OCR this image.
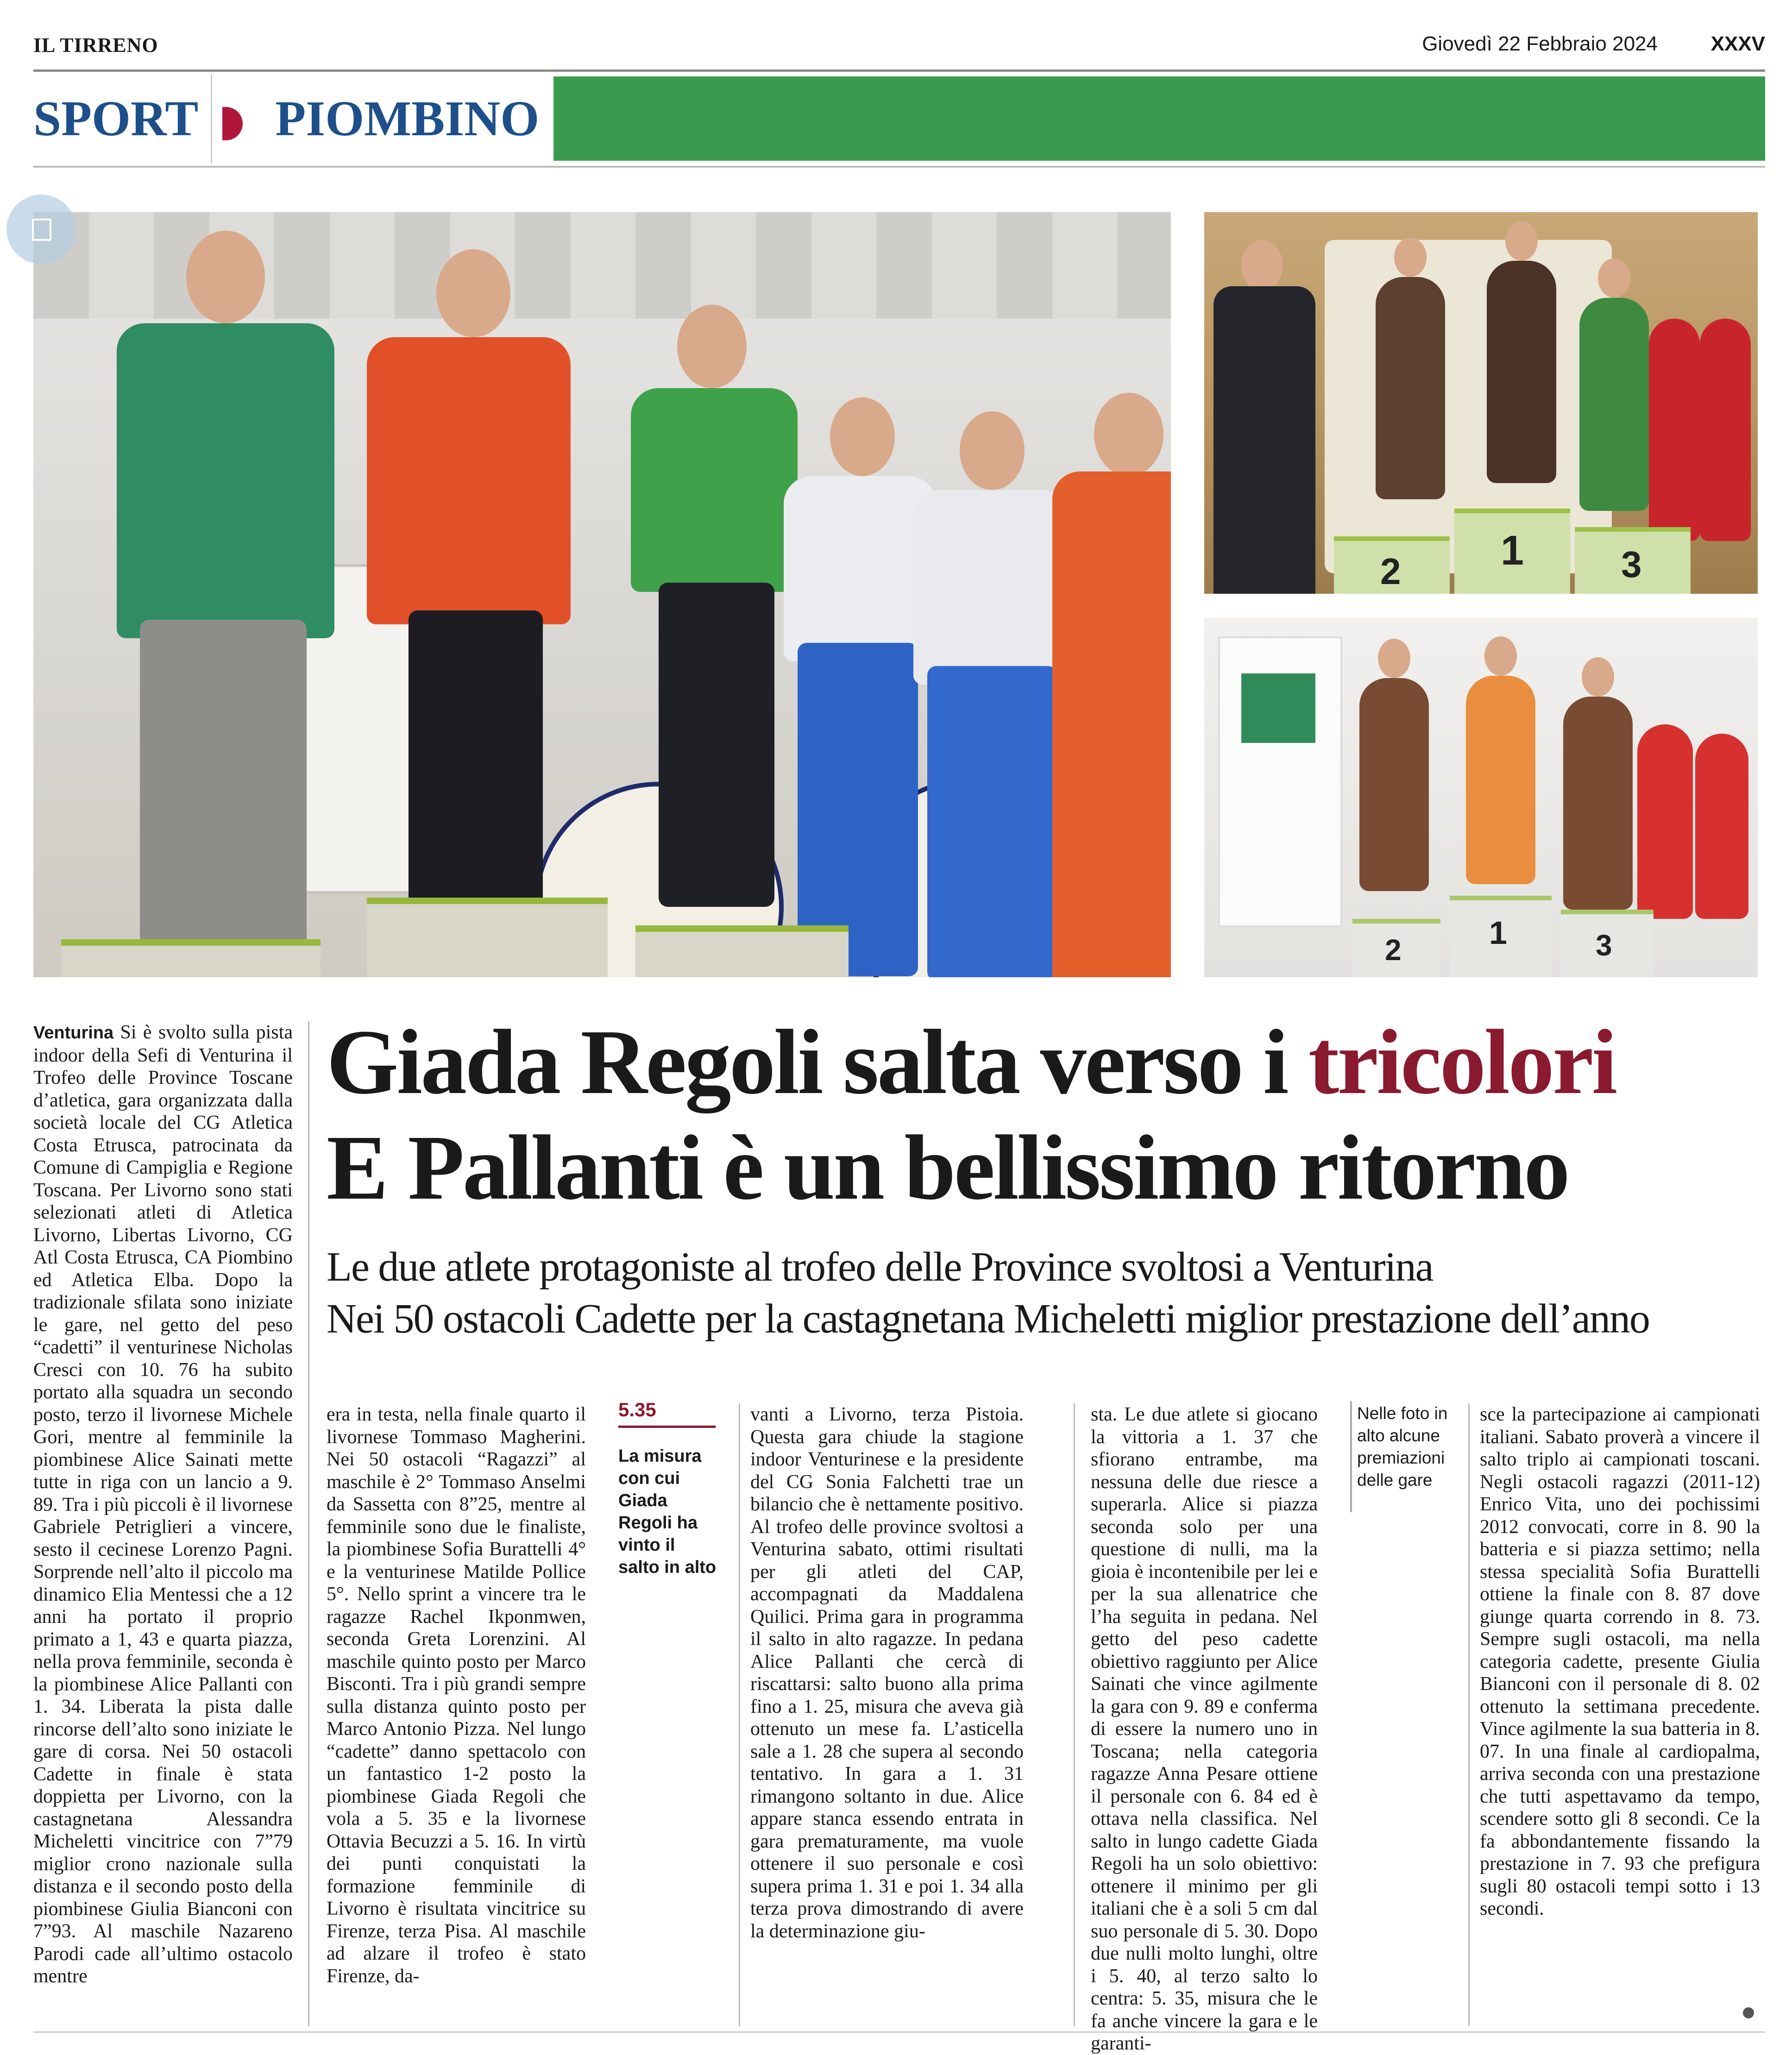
IL TIRRENO	Giovedì 22 Febbraio 2024	XXXV
SPORT PIOMBINO
2 1	3
2	1	3
Giada Regoli salta verso i tricolori
E Pallanti è un bellissimo ritorno
Le due atlete protagoniste al trofeo delle Province svoltosi a Venturina
Nei 50 ostacoli Cadette per la castagnetana Micheletti miglior prestazione dell’anno
Venturina Si è svolto sulla pista indoor della Sefi di Venturina il Trofeo delle Province Toscane d’atletica, gara organizzata dalla società locale del CG Atletica Costa Etrusca, patrocinata da Comune di Campiglia e Regione Toscana. Per Livorno sono stati selezionati atleti di Atletica Livorno, Libertas Livorno, CG Atl Costa Etrusca, CA Piombino ed Atletica Elba. Dopo la tradizionale sfilata sono iniziate le gare, nel getto del peso “cadetti” il venturinese Nicholas Cresci con 10. 76 ha subito portato alla squadra un secondo posto, terzo il livornese Michele Gori, mentre al femminile la piombinese Alice Sainati mette tutte in riga con un lancio a 9. 89. Tra i più piccoli è il livornese Gabriele Petriglieri a vincere, sesto il cecinese Lorenzo Pagni. Sorprende nell’alto il piccolo ma dinamico Elia Mentessi che a 12 anni ha portato il proprio primato a 1, 43 e quarta piazza, nella prova femminile, seconda è la piombinese Alice Pallanti con 1. 34. Liberata la pista dalle rincorse dell’alto sono iniziate le gare di corsa. Nei 50 ostacoli Cadette in finale è stata doppietta per Livorno, con la castagnetana Alessandra Micheletti vincitrice con 7”79 miglior crono nazionale sulla distanza e il secondo posto della piombinese Giulia Bianconi con 7”93. Al maschile Nazareno Parodi cade all’ultimo ostacolo mentre
era in testa, nella finale quarto il livornese Tommaso Magherini. Nei 50 ostacoli “Ragazzi” al maschile è 2° Tommaso Anselmi da Sassetta con 8”25, mentre al femminile sono due le finaliste, la piombinese Sofia Burattelli 4° e la venturinese Matilde Pollice 5°. Nello sprint a vincere tra le ragazze Rachel Ikponmwen, seconda Greta Lorenzini. Al maschile quinto posto per Marco Bisconti. Tra i più grandi sempre sulla distanza quinto posto per Marco Antonio Pizza. Nel lungo “cadette” danno spettacolo con un fantastico 1-2 posto la piombinese Giada Regoli che vola a 5. 35 e la livornese Ottavia Becuzzi a 5. 16. In virtù dei punti conquistati la formazione femminile di Livorno è risultata vincitrice su Firenze, terza Pisa. Al maschile ad alzare il trofeo è stato Firenze, da-
5.35
La misura con cui Giada Regoli ha vinto il salto in alto
vanti a Livorno, terza Pistoia. Questa gara chiude la stagione indoor Venturinese e la presidente del CG Sonia Falchetti trae un bilancio che è nettamente positivo. Al trofeo delle province svoltosi a Venturina sabato, ottimi risultati per gli atleti del CAP, accompagnati da Maddalena Quilici. Prima gara in programma il salto in alto ragazze. In pedana Alice Pallanti che cercà di riscattarsi: salto buono alla prima fino a 1. 25, misura che aveva già ottenuto un mese fa. L’asticella sale a 1. 28 che supera al secondo tentativo. In gara a 1. 31 rimangono soltanto in due. Alice appare stanca essendo entrata in gara prematuramente, ma vuole ottenere il suo personale e così supera prima 1. 31 e poi 1. 34 alla terza prova dimostrando di avere la determinazione giu-
sta. Le due atlete si giocano la vittoria a 1. 37 che sfiorano entrambe, ma nessuna delle due riesce a superarla. Alice si piazza seconda solo per una questione di nulli, ma la gioia è incontenibile per lei e per la sua allenatrice che l’ha seguita in pedana. Nel getto del peso cadette obiettivo raggiunto per Alice Sainati che vince agilmente la gara con 9. 89 e conferma di essere la numero uno in Toscana; nella categoria ragazze Anna Pesare ottiene il personale con 6. 84 ed è ottava nella classifica. Nel salto in lungo cadette Giada Regoli ha un solo obiettivo: ottenere il minimo per gli italiani che è a soli 5 cm dal suo personale di 5. 30. Dopo due nulli molto lunghi, oltre i 5. 40, al terzo salto lo centra: 5. 35, misura che le fa anche vincere la gara e le garanti-
Nelle foto in alto alcune premiazioni delle gare
sce la partecipazione ai campionati italiani. Sabato proverà a vincere il salto triplo ai campionati toscani. Negli ostacoli ragazzi (2011-12) Enrico Vita, uno dei pochissimi 2012 convocati, corre in 8. 90 la batteria e si piazza settimo; nella stessa specialità Sofia Burattelli ottiene la finale con 8. 87 dove giunge quarta correndo in 8. 73. Sempre sugli ostacoli, ma nella categoria cadette, presente Giulia Bianconi con il personale di 8. 02 ottenuto la settimana precedente. Vince agilmente la sua batteria in 8. 07. In una finale al cardiopalma, arriva seconda con una prestazione che tutti aspettavamo da tempo, scendere sotto gli 8 secondi. Ce la fa abbondantemente fissando la prestazione in 7. 93 che prefigura sugli 80 ostacoli tempi sotto i 13 secondi.
